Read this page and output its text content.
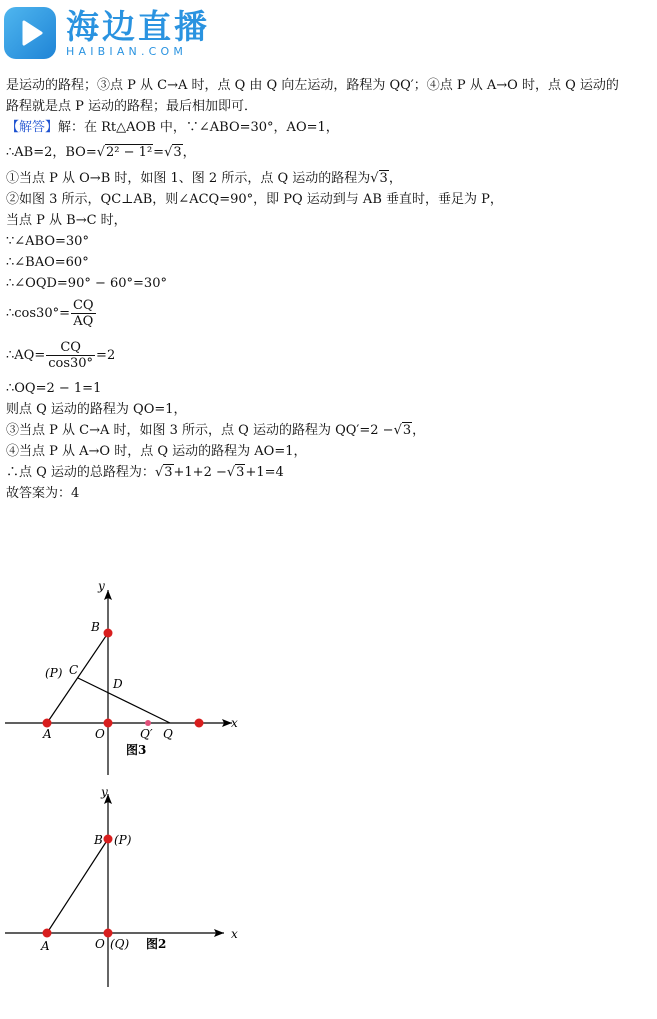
海边直播
HAIBIAN.COM
是运动的路程；③点 P 从 C→A 时，点 Q 由 Q 向左运动，路程为 QQ′；④点 P 从 A→O 时，点 Q 运动的
路程就是点 P 运动的路程；最后相加即可．
【解答】解：在 Rt△AOB 中，∵∠ABO=30°，AO=1，
∴AB=2，BO=√2² − 1²=√3，
①当点 P 从 O→B 时，如图 1、图 2 所示，点 Q 运动的路程为√3，
②如图 3 所示，QC⊥AB，则∠ACQ=90°，即 PQ 运动到与 AB 垂直时，垂足为 P，
当点 P 从 B→C 时，
∵∠ABO=30°
∴∠BAO=60°
∴∠OQD=90° − 60°=30°
∴cos30°= $\frac{CQ}{AQ}$
∴AQ= $\frac{CQ}{\cos 30^\circ} =2$
∴OQ=2 − 1=1
则点 Q 运动的路程为 QO=1，
③当点 P 从 C→A 时，如图 3 所示，点 Q 运动的路程为 QQ′=2 −√3，
④当点 P 从 A→O 时，点 Q 运动的路程为 AO=1，
∴点 Q 运动的总路程为：√3+1+2 −√3+1=4
故答案为：4
y
x
B
(P) C
D
A	O	Q′ Q
图3
y
x
B (P)
A	O (Q) 图2
